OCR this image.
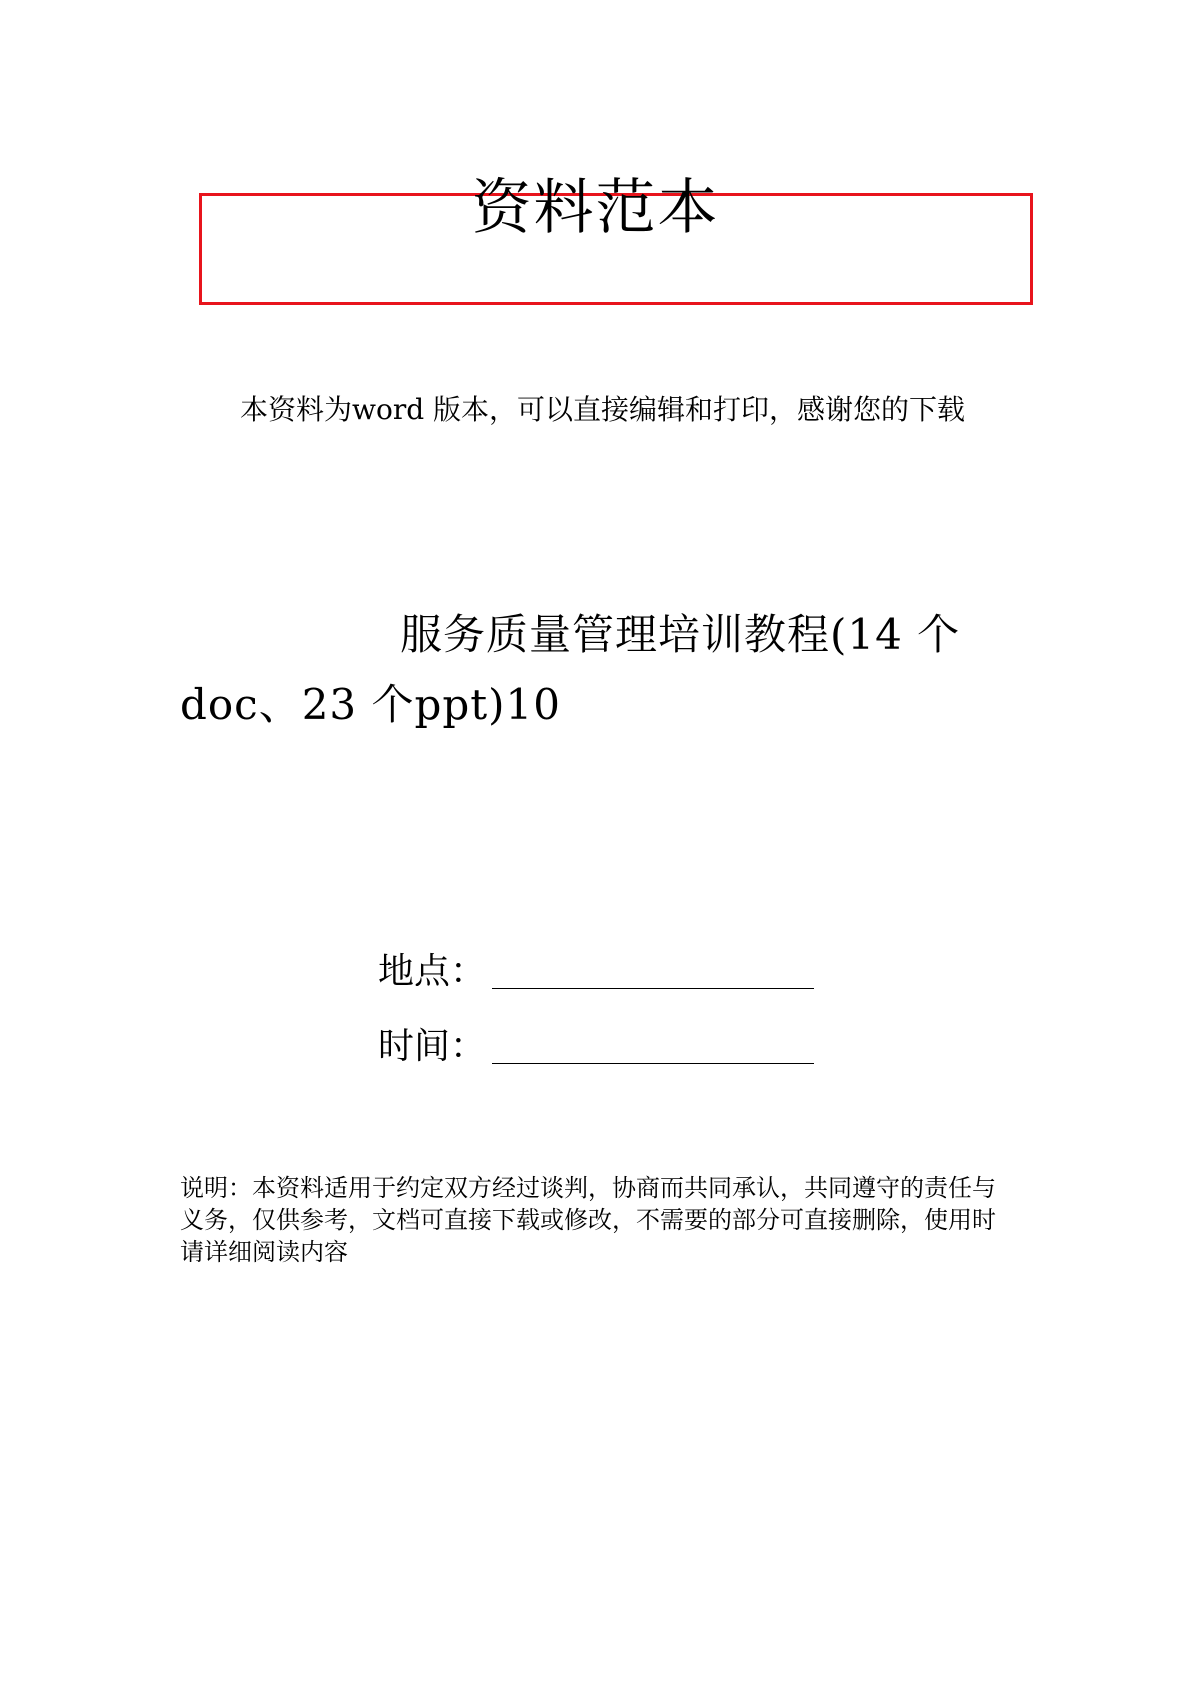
资料范本
本资料为word 版本，可以直接编辑和打印，感谢您的下载
服务质量管理培训教程(14 个doc、23 个ppt)10
地点：
时间：
说明：本资料适用于约定双方经过谈判，协商而共同承认，共同遵守的责任与义务，仅供参考，文档可直接下载或修改，不需要的部分可直接删除，使用时请详细阅读内容
